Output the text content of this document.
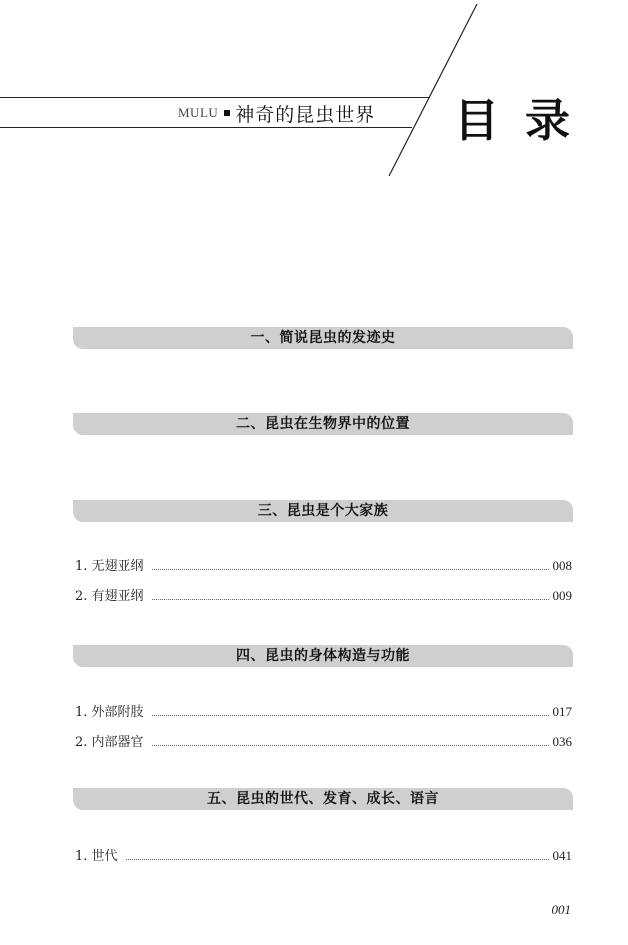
MULU 神奇的昆虫世界 目 录
一、简说昆虫的发迹史
二、昆虫在生物界中的位置
三、昆虫是个大家族
1. 无翅亚纲	008
2. 有翅亚纲	009
四、昆虫的身体构造与功能
1. 外部附肢	017
2. 内部器官	036
五、昆虫的世代、发育、成长、语言
1. 世代	041
001
